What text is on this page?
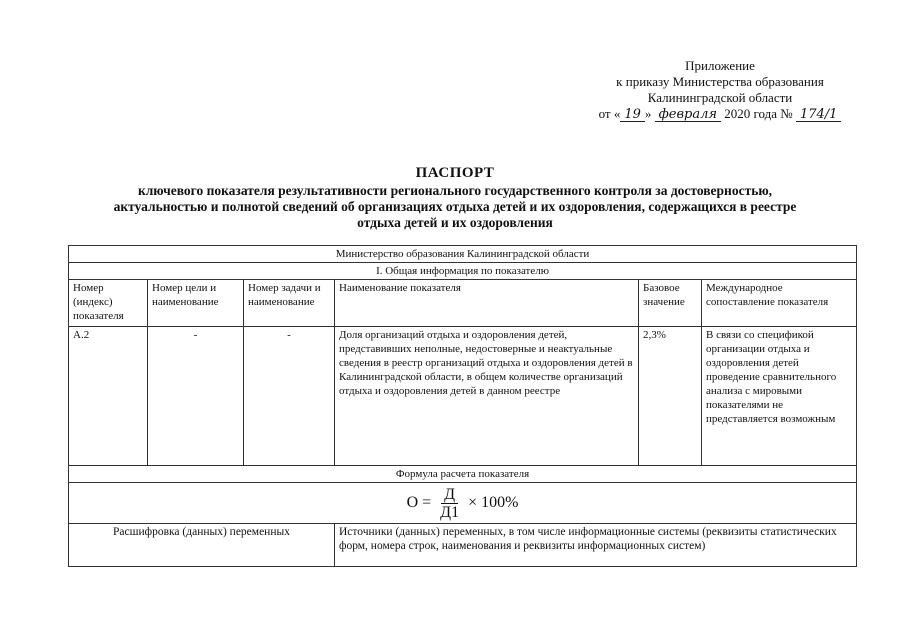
Приложение
к приказу Министерства образования
Калининградской области
от « 19 » февраля 2020 года № 174/1
ПАСПОРТ
ключевого показателя результативности регионального государственного контроля за достоверностью,
актуальностью и полнотой сведений об организациях отдыха детей и их оздоровления, содержащихся в реестре
отдыха детей и их оздоровления
Министерство образования Калининградской области					
I. Общая информация по показателю					
Номер (индекс) показателя	Номер цели и наименование	Номер задачи и наименование	Наименование показателя	Базовое значение	Международное сопоставление показателя
А.2	-	-	Доля организаций отдыха и оздоровления детей, представивших неполные, недостоверные и неактуальные сведения в реестр организаций отдыха и оздоровления детей в Калининградской области, в общем количестве организаций отдыха и оздоровления детей в данном реестре	2,3%	В связи со спецификой организации отдыха и оздоровления детей проведение сравнительного анализа с мировыми показателями не представляется возможным
Формула расчета показателя					

$О = \frac{Д}{Д1} \times 100\%$					

Расшифровка (данных) переменных			Источники (данных) переменных, в том числе информационные системы (реквизиты статистических форм, номера строк, наименования и реквизиты информационных систем)		
